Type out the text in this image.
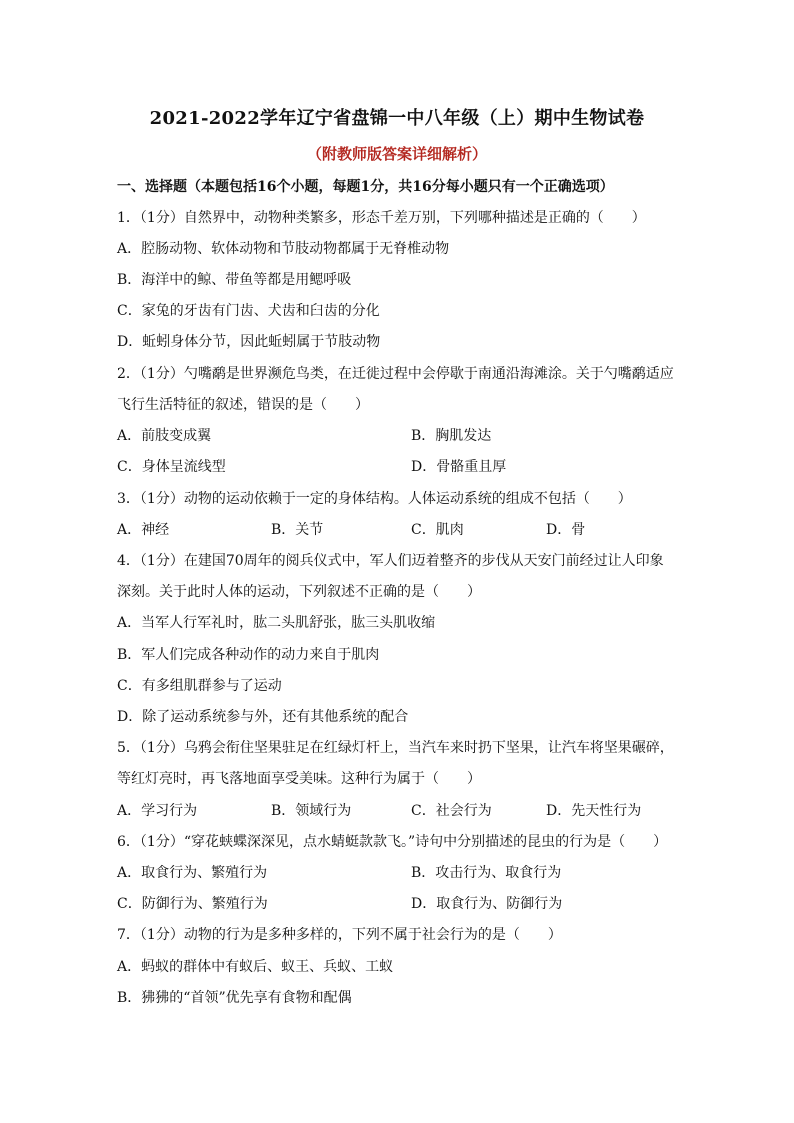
2021-2022学年辽宁省盘锦一中八年级（上）期中生物试卷
（附教师版答案详细解析）
一、选择题（本题包括16个小题，每题1分，共16分每小题只有一个正确选项）
1．（1分）自然界中，动物种类繁多，形态千差万别，下列哪种描述是正确的（　　）
A．腔肠动物、软体动物和节肢动物都属于无脊椎动物
B．海洋中的鲸、带鱼等都是用鳃呼吸
C．家兔的牙齿有门齿、犬齿和臼齿的分化
D．蚯蚓身体分节，因此蚯蚓属于节肢动物
2．（1分）勺嘴鹬是世界濒危鸟类，在迁徙过程中会停歇于南通沿海滩涂。关于勺嘴鹬适应
飞行生活特征的叙述，错误的是（　　）
A．前肢变成翼	B．胸肌发达
C．身体呈流线型	D．骨骼重且厚
3．（1分）动物的运动依赖于一定的身体结构。人体运动系统的组成不包括（　　）
A．神经	B．关节	C．肌肉	D．骨
4．（1分）在建国70周年的阅兵仪式中，军人们迈着整齐的步伐从天安门前经过让人印象
深刻。关于此时人体的运动，下列叙述不正确的是（　　）
A．当军人行军礼时，肱二头肌舒张，肱三头肌收缩
B．军人们完成各种动作的动力来自于肌肉
C．有多组肌群参与了运动
D．除了运动系统参与外，还有其他系统的配合
5．（1分）乌鸦会衔住坚果驻足在红绿灯杆上，当汽车来时扔下坚果，让汽车将坚果碾碎，
等红灯亮时，再飞落地面享受美味。这种行为属于（　　）
A．学习行为	B．领域行为	C．社会行为	D．先天性行为
6．（1分）“穿花蛱蝶深深见，点水蜻蜓款款飞。”诗句中分别描述的昆虫的行为是（　　）
A．取食行为、繁殖行为	B．攻击行为、取食行为
C．防御行为、繁殖行为	D．取食行为、防御行为
7．（1分）动物的行为是多种多样的，下列不属于社会行为的是（　　）
A．蚂蚁的群体中有蚁后、蚁王、兵蚁、工蚁
B．狒狒的“首领”优先享有食物和配偶
